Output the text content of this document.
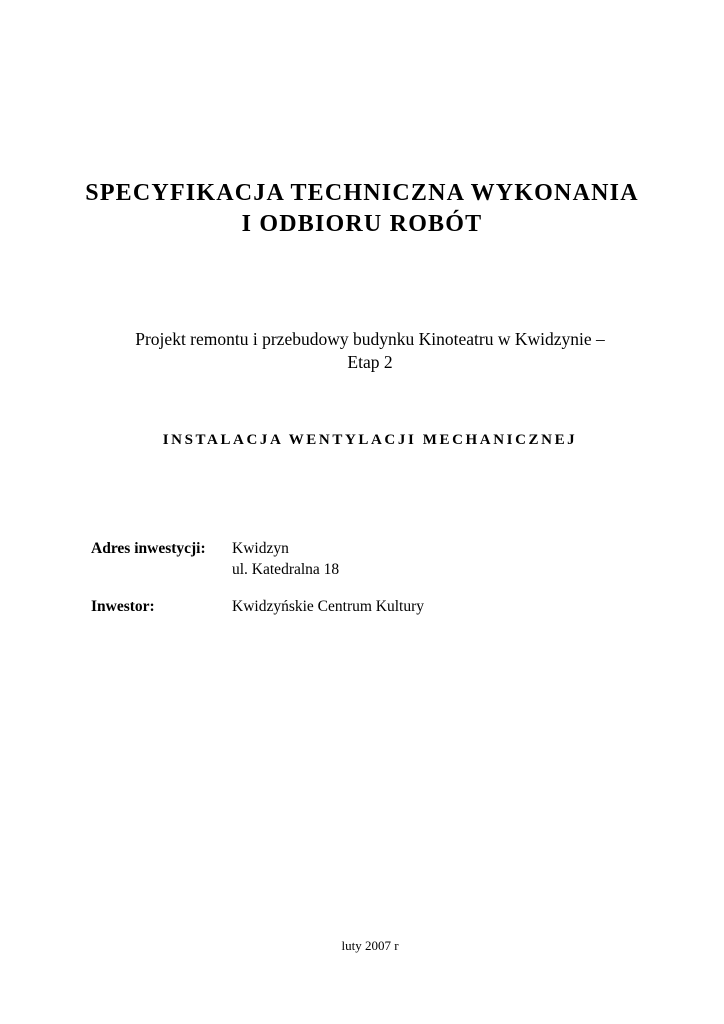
SPECYFIKACJA TECHNICZNA WYKONANIA
I ODBIORU ROBÓT

Projekt remontu i przebudowy budynku Kinoteatru w Kwidzynie –

Etap 2

INSTALACJA WENTYLACJI MECHANICZNEJ
Adres inwestycji: Kwidzyn
ul. Katedralna 18
Inwestor:	Kwidzyńskie Centrum Kultury
luty 2007 r
